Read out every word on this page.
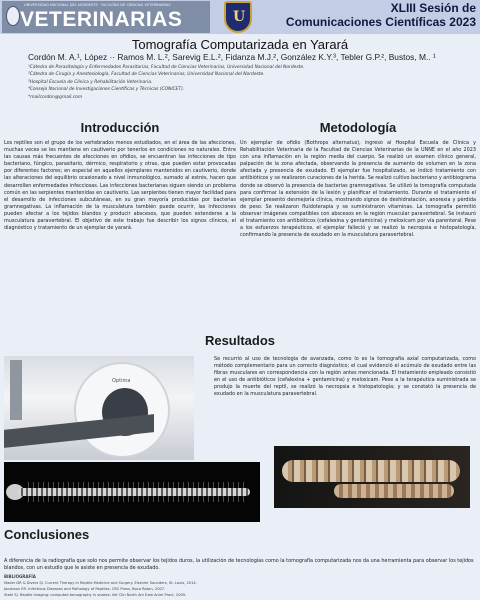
UNIVERSIDAD NACIONAL DEL NORDESTE · FACULTAD DE CIENCIAS VETERINARIAS
VETERINARIAS	U
XLIII Sesión de
Comunicaciones Científicas 2023
Tomografía Computarizada en Yarará
Cordón M. A.¹, López ·· Ramos M. L.², Sarevig E.L.², Fidanza M.J.², González K.Y.³, Tebler G.P.², Bustos, M.. ¹
¹Cátedra de Parasitología y Enfermedades Parasitarias, Facultad de Ciencias Veterinarias, Universidad Nacional del Nordeste.
²Cátedra de Cirugía y Anestesiología, Facultad de Ciencias Veterinarias, Universidad Nacional del Nordeste.
³Hospital Escuela de Clínica y Rehabilitación Veterinaria.
⁴Consejo Nacional de Investigaciones Científicas y Técnicas (CONICET).
*mailcordon@gmail.com
Introducción
Los reptiles son el grupo de los vertebrados menos estudiados, en el área de las afecciones, muchas veces se les mantiene en cautiverio por tenerlos en condiciones no naturales. Entre las causas más frecuentes de afecciones en ofidios, se encuentran las infecciones de tipo bacteriano, fúngico, parasitario, dérmico, respiratorio y otras, que pueden estar provocadas por diferentes factores; en especial en aquellos ejemplares mantenidos en cautiverio, donde las alteraciones del equilibrio ocasionado a nivel inmunológico, sumado al estrés, hacen que desarrollen enfermedades infecciosas. Las infecciones bacterianas siguen siendo un problema común en las serpientes mantenidas en cautiverio. Las serpientes tienen mayor facilidad para el desarrollo de infecciones subcutáneas, en su gran mayoría producidas por bacterias gramnegativas. La inflamación de la musculatura también puede ocurrir, las infecciones pueden afectar a los tejidos blandos y producir abscesos, que pueden extenderse a la musculatura paravertebral. El objetivo de este trabajo fue describir los signos clínicos, el diagnóstico y tratamiento de un ejemplar de yarará.
Metodología
Un ejemplar de ofidio (Bothrops alternatus), ingresó al Hospital Escuela de Clínica y Rehabilitación Veterinaria de la Facultad de Ciencias Veterinarias de la UNNE en el año 2023 con una inflamación en la región media del cuerpo. Se realizó un examen clínico general, palpación de la zona afectada, observando la presencia de aumento de volumen en la zona afectada y presencia de exudado. El ejemplar fue hospitalizado, se indicó tratamiento con antibióticos y se realizaron curaciones de la herida. Se realizó cultivo bacteriano y antibiograma donde se observó la presencia de bacterias gramnegativas. Se utilizó la tomografía computada para confirmar la extensión de la lesión y planificar el tratamiento. Durante el tratamiento el ejemplar presentó desmejoría clínica, mostrando signos de deshidratación, anorexia y pérdida de peso. Se realizaron fluidoterapia y se suministraron vitaminas. La tomografía permitió observar imágenes compatibles con abscesos en la región muscular paravertebral. Se instauró el tratamiento con antibióticos (cefalexina y gentamicina) y meloxicam por vía parenteral. Pese a los esfuerzos terapéuticos, el ejemplar falleció y se realizó la necropsia e histopatología, confirmando la presencia de exudado en la musculatura paravertebral.
Resultados
Optima
Se recurrió al uso de tecnología de avanzada, como lo es la tomografía axial computarizada, como método complementario para un correcto diagnóstico; el cual evidenció el acúmulo de exudado entre las fibras musculares en correspondencia con la región antes mencionada. El tratamiento empleado consistió en el uso de antibióticos (cefalexina + gentamicina) y meloxicam. Pese a la terapéutica suministrada se produjo la muerte del reptil, se realizó la necropsia e histopatología; y se constató la presencia de exudado en la musculatura paravertebral.
Conclusiones
A diferencia de la radiografía que solo nos permite observar los tejidos duros, la utilización de tecnologías como la tomografía computarizada nos da una herramienta para observar los tejidos blandos, con un estudio que le asiste en presencia de exudado.
BIBLIOGRAFÍA
Mader DR & Divers SJ. Current Therapy in Reptile Medicine and Surgery. Elsevier Saunders, St. Louis, 2014.
Jacobson ER. Infectious Diseases and Pathology of Reptiles. CRC Press, Boca Raton, 2007.
Stahl SJ. Reptile imaging: computed tomography in snakes. Vet Clin North Am Exot Anim Pract, 2009.
